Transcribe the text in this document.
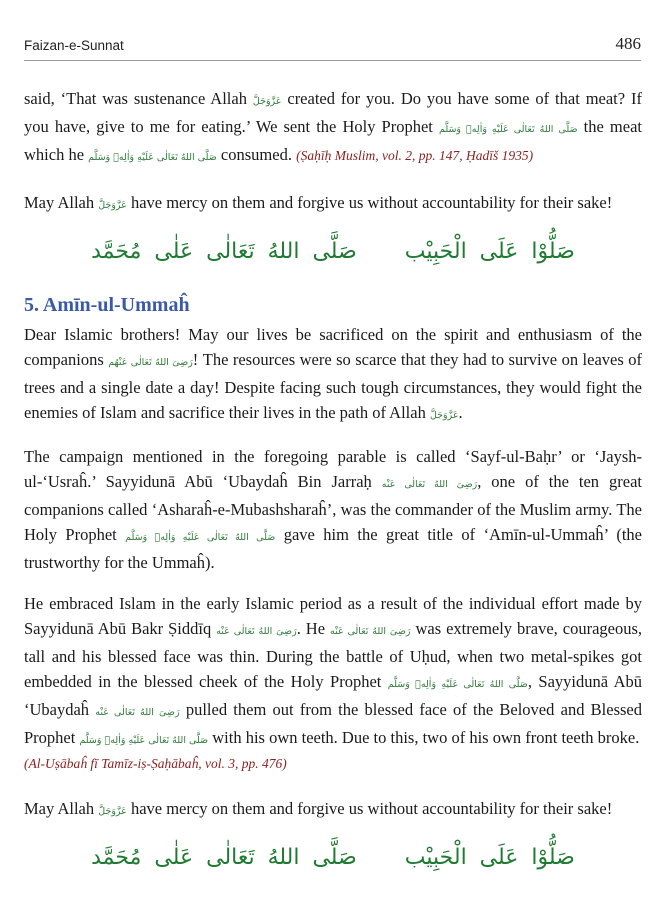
Faizan-e-Sunnat	486

said, ‘That was sustenance Allah عَزَّوَجَلَّ created for you. Do you have some of that meat? If you have, give to me for eating.’ We sent the Holy Prophet صَلَّى اللهُ تَعَالٰی عَلَیْهِ وَاٰلِهٖ وَسَلَّم the meat which he صَلَّى اللهُ تَعَالٰی عَلَیْهِ وَاٰلِهٖ وَسَلَّم consumed. (Ṣaḥīḥ Muslim, vol. 2, pp. 147, Ḥadīš 1935)

May Allah عَزَّوَجَلَّ have mercy on them and forgive us without accountability for their sake!

صَلُّوْا عَلَی الْحَبِیْبصَلَّی اللهُ تَعَالٰی عَلٰی مُحَمَّد
5. Amīn-ul-Ummaĥ

Dear Islamic brothers! May our lives be sacrificed on the spirit and enthusiasm of the companions رَضِیَ اللهُ تَعَالٰی عَنْهُم! The resources were so scarce that they had to survive on leaves of trees and a single date a day! Despite facing such tough circumstances, they would fight the enemies of Islam and sacrifice their lives in the path of Allah عَزَّوَجَلَّ.

The campaign mentioned in the foregoing parable is called ‘Sayf-ul-Baḥr’ or ‘Jaysh-ul-‘Usraĥ.’ Sayyidunā Abū ‘Ubaydaĥ Bin Jarraḥ رَضِیَ اللهُ تَعَالٰی عَنْه, one of the ten great companions called ‘Asharaĥ-e-Mubashsharaĥ’, was the commander of the Muslim army. The Holy Prophet صَلَّى اللهُ تَعَالٰی عَلَیْهِ وَاٰلِهٖ وَسَلَّم gave him the great title of ‘Amīn-ul-Ummaĥ’ (the trustworthy for the Ummaĥ).

He embraced Islam in the early Islamic period as a result of the individual effort made by Sayyidunā Abū Bakr Ṣiddīq رَضِیَ اللهُ تَعَالٰی عَنْه. He رَضِیَ اللهُ تَعَالٰی عَنْه was extremely brave, courageous, tall and his blessed face was thin. During the battle of Uḥud, when two metal-spikes got embedded in the blessed cheek of the Holy Prophet صَلَّى اللهُ تَعَالٰی عَلَیْهِ وَاٰلِهٖ وَسَلَّم, Sayyidunā Abū ‘Ubaydaĥ رَضِیَ اللهُ تَعَالٰی عَنْه pulled them out from the blessed face of the Beloved and Blessed Prophet صَلَّى اللهُ تَعَالٰی عَلَیْهِ وَاٰلِهٖ وَسَلَّم with his own teeth. Due to this, two of his own front teeth broke.
(Al-Uṣābaĥ fī Tamīz-iṣ-Ṣaḥābaĥ, vol. 3, pp. 476)

May Allah عَزَّوَجَلَّ have mercy on them and forgive us without accountability for their sake!

صَلُّوْا عَلَی الْحَبِیْبصَلَّی اللهُ تَعَالٰی عَلٰی مُحَمَّد
